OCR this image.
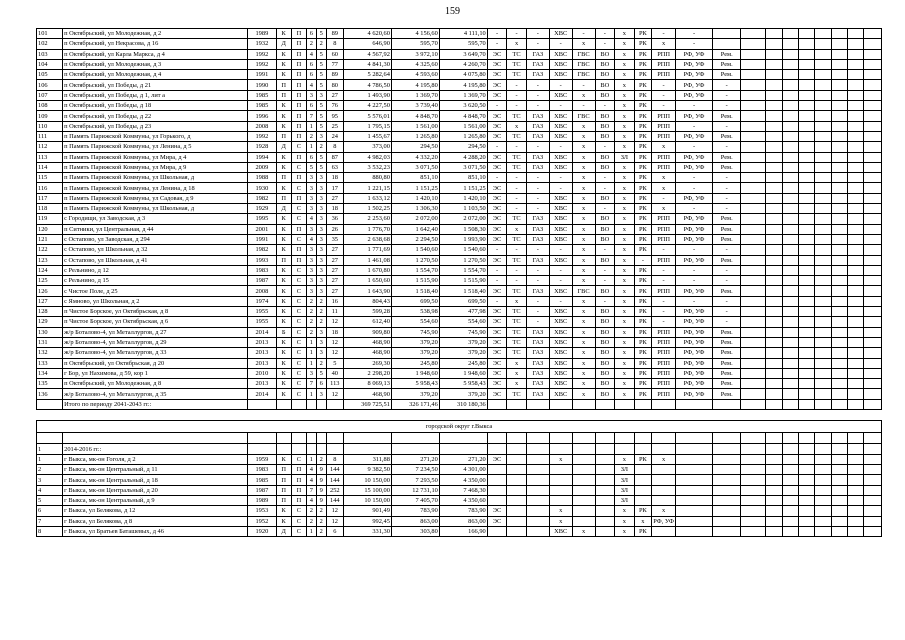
159
101	п Октябрьский, ул Молодежная, д 2	1989	К	П	6	5	89	4 620,60	4 156,60	4 111,10	-	-	-	ХВС	-	-	х	РК	-	-									
102	п Октябрьский, ул Некрасова, д 16	1932	Д	П	2	2	8	646,90	595,70	595,70	-	х	-	-	х	-	х	РК	х	-									
103	п Октябрьский, ул Карла Маркса, д 4	1992	К	П	4	5	60	4 567,92	3 972,10	3 649,70	ЭС	ТС	ГАЗ	ХВС	ГВС	ВО	х	РК	РПП	РФ, УФ	Рем.								
104	п Октябрьский, ул Молодежная, д 3	1992	К	П	6	5	77	4 841,30	4 325,60	4 260,70	ЭС	ТС	ГАЗ	ХВС	ГВС	ВО	х	РК	РПП	РФ, УФ	Рем.								
105	п Октябрьский, ул Молодежная, д 4	1991	К	П	6	5	89	5 282,64	4 593,60	4 075,80	ЭС	ТС	ГАЗ	ХВС	ГВС	ВО	х	РК	РПП	РФ, УФ	Рем.								
106	п Октябрьский, ул Победы, д 21	1990	П	П	4	5	80	4 786,50	4 195,80	4 195,80	ЭС	-	-	-	-	ВО	х	РК	-	РФ, УФ	-								
107	п Октябрьский, ул Победы, д 1, лит а	1985	П	П	3	3	27	1 493,90	1 369,70	1 369,70	ЭС	-	-	ХВС	х	ВО	х	РК	-	РФ, УФ	-								
108	п Октябрьский, ул Победы, д 18	1985	К	П	6	5	76	4 227,50	3 739,40	3 620,50	-	-	-	-	-	-	х	РК	-	-	-								
109	п Октябрьский, ул Победы, д 22	1996	К	П	7	5	95	5 576,01	4 848,70	4 848,70	ЭС	ТС	ГАЗ	ХВС	ГВС	ВО	х	РК	РПП	РФ, УФ	Рем.								
110	п Октябрьский, ул Победы, д 23	2008	К	П	1	5	25	1 795,15	1 561,00	1 561,00	ЭС	х	ГАЗ	ХВС	х	ВО	х	РК	РПП	-	-								
111	п Память Парижской Коммуны, ул Горького, д	1992	П	П	2	3	24	1 455,67	1 265,80	1 265,80	ЭС	ТС	ГАЗ	ХВС	х	ВО	х	РК	РПП	РФ, УФ	Рем.								
112	п Память Парижской Коммуны, ул Ленина, д 5	1928	Д	С	1	2	8	373,00	294,50	294,50	-	-	-	-	х	-	х	РК	х	-	-								
113	п Память Парижской Коммуны, ул Мира, д 4	1994	К	П	6	5	87	4 982,03	4 332,20	4 288,20	ЭС	ТС	ГАЗ	ХВС	х	ВО	ЗЛ	РК	РПП	РФ, УФ	Рем.								
114	п Память Парижской Коммуны, ул Мира, д 9	2009	К	С	5	5	63	3 532,23	3 071,50	3 071,50	ЭС	ТС	ГАЗ	ХВС	х	ВО	х	РК	РПП	РФ, УФ	Рем.								
115	п Память Парижской Коммуны, ул Школьная, д	1988	П	П	3	3	18	880,80	851,10	851,10	-	-	-	-	х	-	х	РК	х	-	-								
116	п Память Парижской Коммуны, ул Ленина, д 18	1930	К	С	3	3	17	1 221,15	1 151,25	1 151,25	ЭС	-	-	-	х	-	х	РК	х	-	-								
117	п Память Парижской Коммуны, ул Садовая, д 9	1982	П	П	3	3	27	1 633,12	1 420,10	1 420,10	ЭС	-	-	ХВС	х	ВО	х	РК	-	РФ, УФ	-								
118	п Память Парижской Коммуны, ул Школьная, д	1929	Д	С	3	3	18	1 502,25	1 306,30	1 103,50	ЭС	-	-	ХВС	х	-	х	РК	х	-	-								
119	с Городищи, ул Заводская, д 3	1995	К	С	4	3	36	2 253,60	2 072,00	2 072,00	ЭС	ТС	ГАЗ	ХВС	х	ВО	х	РК	РПП	РФ, УФ	Рем.								
120	п Ситники, ул Центральная, д 44	2001	К	П	3	3	26	1 776,70	1 642,40	1 508,30	ЭС	х	ГАЗ	ХВС	х	ВО	х	РК	РПП	РФ, УФ	Рем.								
121	с Остапово, ул Заводская, д 294	1991	К	С	4	3	35	2 638,68	2 294,50	1 993,90	ЭС	ТС	ГАЗ	ХВС	х	ВО	х	РК	РПП	РФ, УФ	Рем.								
122	с Остапово, ул Школьная, д 32	1982	К	П	3	3	27	1 771,69	1 540,60	1 540,60	-	-	-	-	х	-	х	РК	-	-	-								
123	с Остапово, ул Школьная, д 41	1993	П	П	3	3	27	1 461,08	1 270,50	1 270,50	ЭС	ТС	ГАЗ	ХВС	х	ВО	х	-	РПП	РФ, УФ	Рем.								
124	с Рельнино, д 12	1983	К	С	3	3	27	1 670,80	1 554,70	1 554,70	-	-	-	-	х	-	х	РК	-	-	-								
125	с Рельнино, д 15	1987	К	С	3	3	27	1 650,60	1 515,90	1 515,90	-	-	-	-	х	-	х	РК	-	-	-								
126	с Чистое Поле, д 25	2008	К	С	3	3	27	1 643,90	1 518,40	1 518,40	ЭС	ТС	ГАЗ	ХВС	ГВС	ВО	х	РК	РПП	РФ, УФ	Рем.								
127	с Ямново, ул Школьная, д 2	1974	К	С	2	2	16	804,43	699,50	699,50	-	х	-	-	х	-	х	РК	-	-	-								
128	п Чистое Борское, ул Октябрьская, д 8	1955	К	С	2	2	11	599,28	538,98	477,98	ЭС	ТС	-	ХВС	х	ВО	х	РК	-	РФ, УФ	-								
129	п Чистое Борское, ул Октябрьская, д 6	1955	К	С	2	2	12	612,40	554,60	554,60	ЭС	ТС	-	ХВС	х	ВО	х	РК	-	РФ, УФ	-								
130	ж/р Боталово-4, ул Металлургов, д 27	2014	Б	С	2	3	18	909,80	745,90	745,90	ЭС	ТС	ГАЗ	ХВС	х	ВО	х	РК	РПП	РФ, УФ	Рем.								
131	ж/р Боталово-4, ул Металлургов, д 29	2013	К	С	1	3	12	468,90	379,20	379,20	ЭС	ТС	ГАЗ	ХВС	х	ВО	х	РК	РПП	РФ, УФ	Рем.								
132	ж/р Боталово-4, ул Металлургов, д 33	2013	К	С	1	3	12	468,90	379,20	379,20	ЭС	ТС	ГАЗ	ХВС	х	ВО	х	РК	РПП	РФ, УФ	Рем.								
133	п Октябрьский, ул Октябрьская, д 20	2013	К	С	1	2	5	269,30	245,80	245,80	ЭС	х	ГАЗ	ХВС	х	ВО	х	РК	РПП	РФ, УФ	Рем.								
134	г Бор, ул Нахимова, д 59, кор 1	2010	К	С	3	5	40	2 298,20	1 948,60	1 948,60	ЭС	х	ГАЗ	ХВС	х	ВО	х	РК	РПП	РФ, УФ	Рем.								
135	п Октябрьский, ул Молодежная, д 8	2013	К	С	7	6	113	8 069,13	5 958,43	5 958,43	ЭС	х	ГАЗ	ХВС	х	ВО	х	РК	РПП	РФ, УФ	Рем.								
136	ж/р Боталово-4, ул Металлургов, д 35	2014	К	С	1	3	12	468,90	379,20	379,20	ЭС	ТС	ГАЗ	ХВС	х	ВО	х	РК	РПП	РФ, УФ	Рем.								
	Итого по периоду 2041-2043 гг.:							369 725,51	326 171,46	310 180,36																			

городской округ г.Выкса																													

1	2014-2016 гг.:																												
1	г Выкса, мк-он Гоголя, д 2	1959	К	С	1	2	8	311,88	271,20	271,20	ЭС			х			х	РК	х										
2	г Выкса, мк-он Центральный, д 11	1983	П	П	4	9	144	9 382,50	7 234,50	4 301,00							ЗЛ												
3	г Выкса, мк-он Центральный, д 18	1985	П	П	4	9	144	10 150,00	7 293,50	4 350,00							ЗЛ												
4	г Выкса, мк-он Центральный, д 20	1987	П	П	7	9	252	15 100,00	12 731,10	7 468,30							ЗЛ												
5	г Выкса, мк-он Центральный, д 9	1989	П	П	4	9	144	10 150,00	7 405,70	4 350,60							ЗЛ												
6	г Выкса, ул Белякова, д 12	1953	К	С	2	2	12	901,49	783,90	783,90	ЭС			х			х	РК	х										
7	г Выкса, ул Белякова, д 8	1952	К	С	2	2	12	992,45	863,00	863,00	ЭС			х			х	х	РФ, УФ										
8	г Выкса, ул Братьев Баташевых, д 46	1920	Д	С	1	2	6	331,30	303,80	166,90				ХВС	х		х	РК											
